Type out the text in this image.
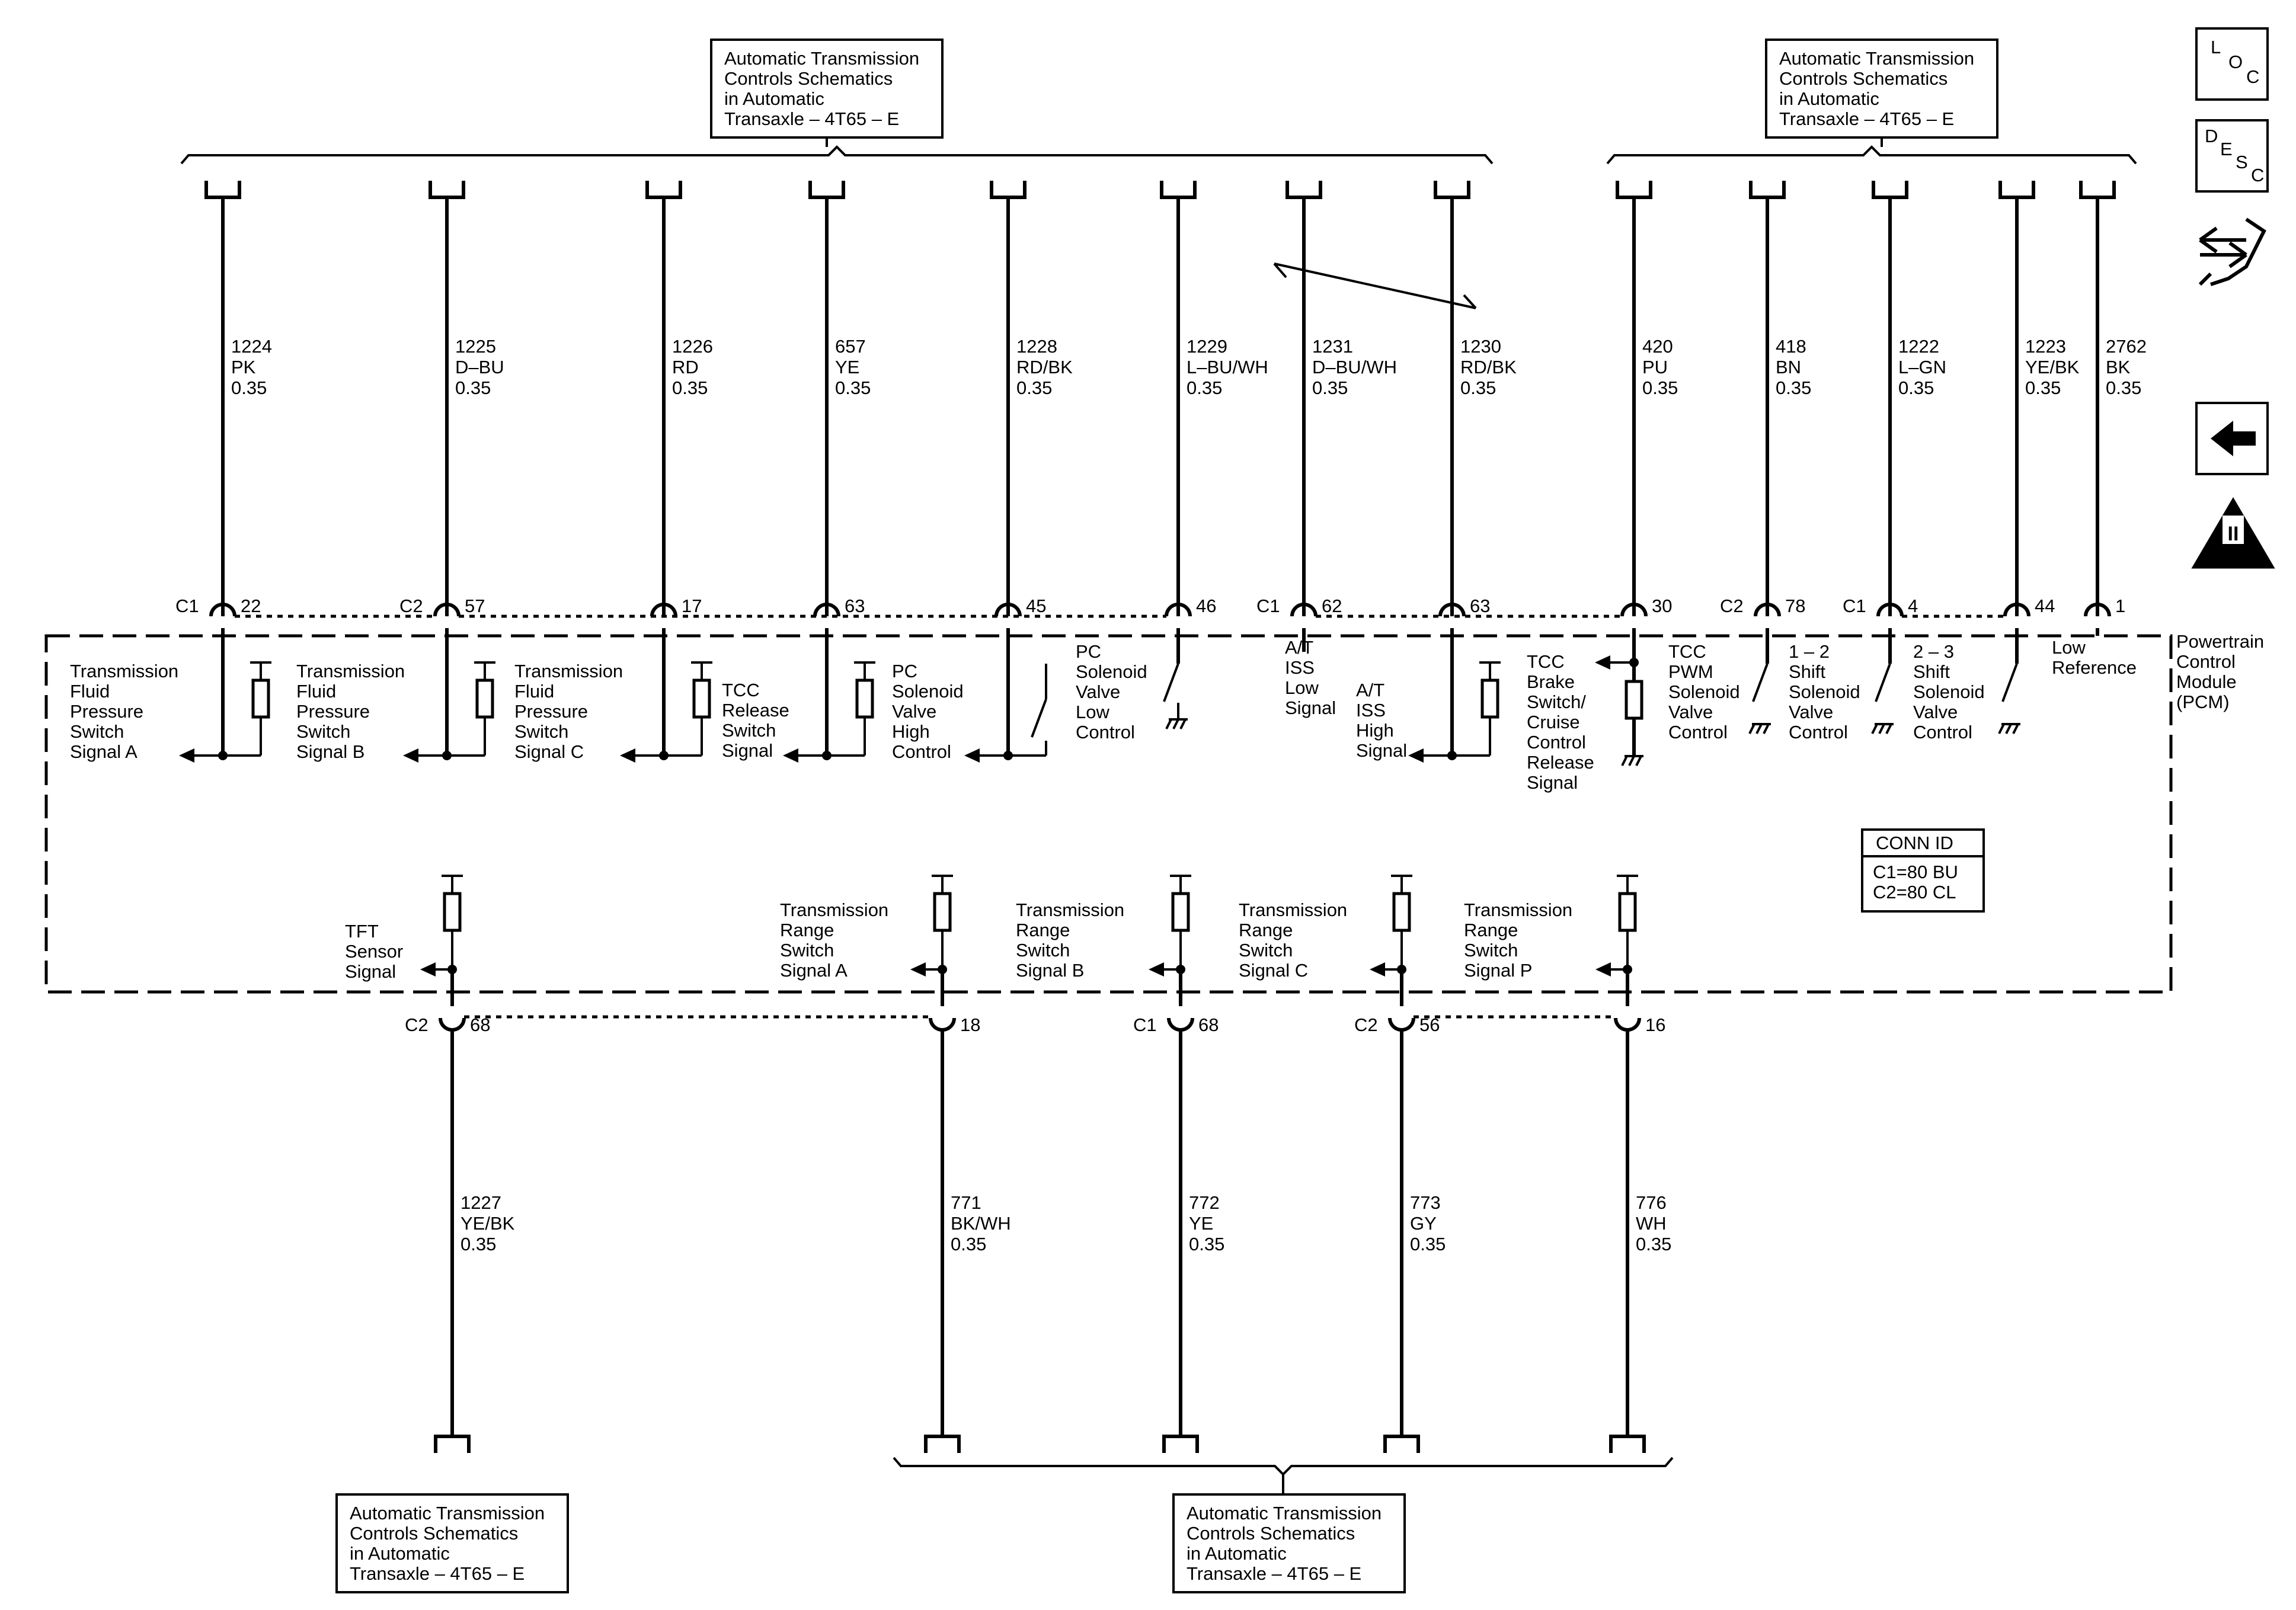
Automatic Transmission
Controls Schematics
in Automatic
Transaxle – 4T65 – E
Automatic Transmission
Controls Schematics
in Automatic
Transaxle – 4T65 – E
Automatic Transmission
Controls Schematics
in Automatic
Transaxle – 4T65 – E
Automatic Transmission
Controls Schematics
in Automatic
Transaxle – 4T65 – E
1224
PK
0.35
C1 22
1225
D–BU
0.35
C2 57
1226
RD
0.35
17
657
YE
0.35
63
1228
RD/BK
0.35
45
1229
L–BU/WH
0.35
46
1231
D–BU/WH
0.35
C1 62
1230
RD/BK
0.35
63
420
PU
0.35
30
418
BN
0.35
C2 78
1222
L–GN
0.35
C1 4
1223
YE/BK
0.35
44
2762
BK
0.35
1
Transmission
Fluid
Pressure
Switch
Signal A
Transmission
Fluid
Pressure
Switch
Signal B
Transmission
Fluid
Pressure
Switch
Signal C
TCC
Release
Switch
Signal
PC
Solenoid
Valve
High
Control
PC
Solenoid
Valve
Low
Control
A/T
ISS
Low
Signal
A/T
ISS
High
Signal
TCC
Brake
Switch/
Cruise
Control
Release
Signal
TCC
PWM
Solenoid
Valve
Control
1 – 2
Shift
Solenoid
Valve
Control
2 – 3
Shift
Solenoid
Valve
Control
Low
Reference
C2 68
1227
YE/BK
0.35
18
771
BK/WH
0.35
C1 68
772
YE
0.35
C2 56
773
GY
0.35
16
776
WH
0.35
TFT
Sensor
Signal
Transmission
Range
Switch
Signal A
Transmission
Range
Switch
Signal B
Transmission
Range
Switch
Signal C
Transmission
Range
Switch
Signal P
L
O
C
D
E
S
C
II
OBD II
Powertrain
Control
Module
(PCM)
CONN ID
C1=80 BU
C2=80 CL
